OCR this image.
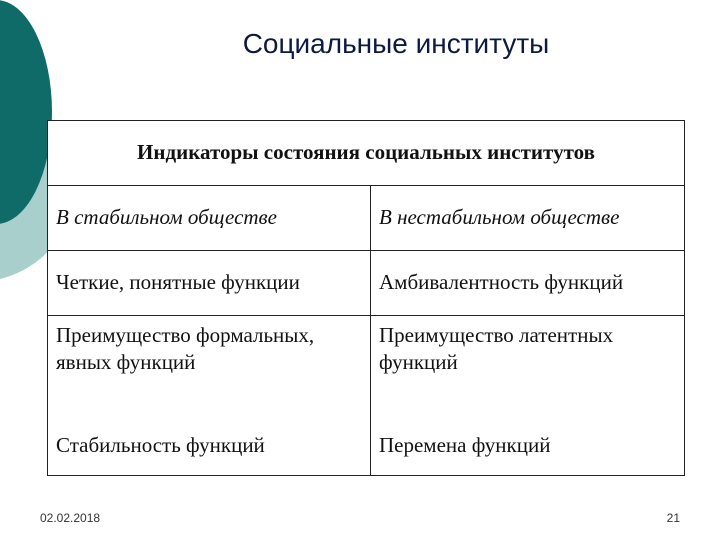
Социальные институты
Индикаторы состояния социальных институтов	
В стабильном обществе	В нестабильном обществе
Четкие, понятные функции	Амбивалентность функций
Преимущество формальных, явных функций	Преимущество латентных функций
Стабильность функций	Перемена функций
02.02.2018	21
